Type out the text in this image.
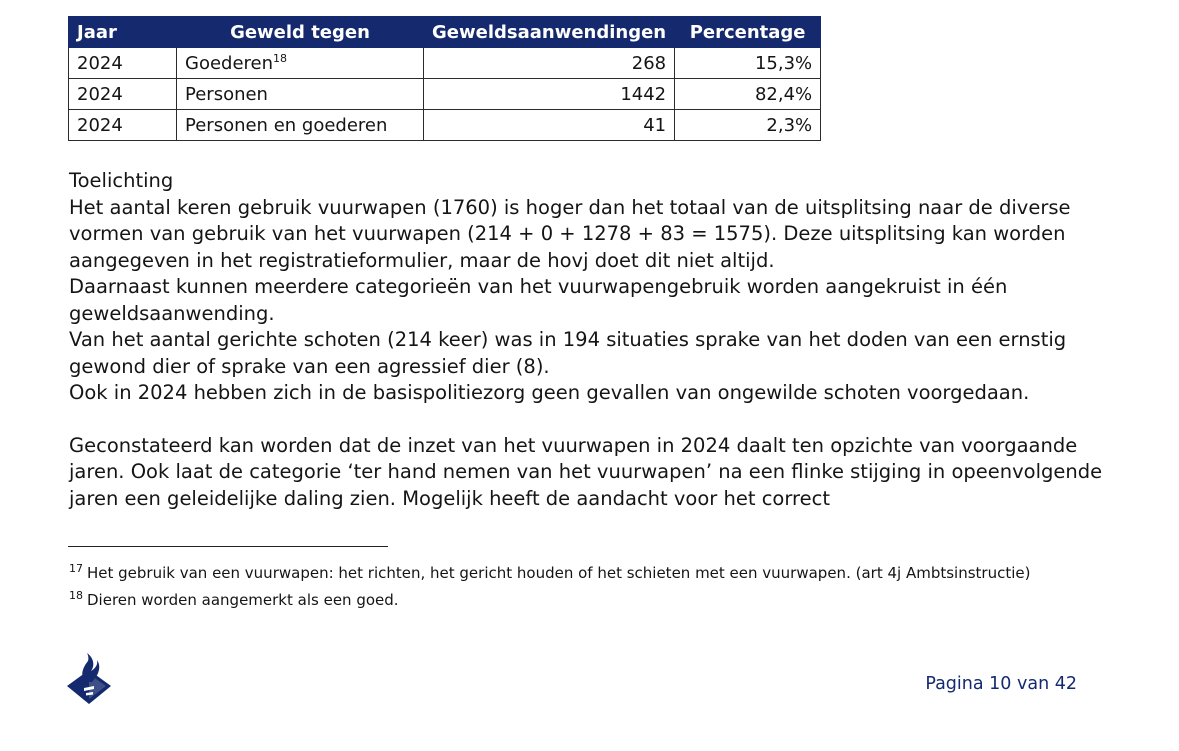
Jaar	Geweld tegen	Geweldsaanwendingen	Percentage
2024	Goederen$^{18}$	268	15,3%
2024	Personen	1442	82,4%
2024	Personen en goederen	41	2,3%

Toelichting

Het aantal keren gebruik vuurwapen (1760) is hoger dan het totaal van de uitsplitsing naar de diverse vormen van gebruik van het vuurwapen (214 + 0 + 1278 + 83 = 1575). Deze uitsplitsing kan worden aangegeven in het registratieformulier, maar de hovj doet dit niet altijd.

Daarnaast kunnen meerdere categorieën van het vuurwapengebruik worden aangekruist in één geweldsaanwending.

Van het aantal gerichte schoten (214 keer) was in 194 situaties sprake van het doden van een ernstig gewond dier of sprake van een agressief dier (8).

Ook in 2024 hebben zich in de basispolitiezorg geen gevallen van ongewilde schoten voorgedaan.

Geconstateerd kan worden dat de inzet van het vuurwapen in 2024 daalt ten opzichte van voorgaande jaren. Ook laat de categorie ‘ter hand nemen van het vuurwapen’ na een flinke stijging in opeenvolgende jaren een geleidelijke daling zien. Mogelijk heeft de aandacht voor het correct

$^{17}$ Het gebruik van een vuurwapen: het richten, het gericht houden of het schieten met een vuurwapen. (art 4j Ambtsinstructie)
$^{18}$ Dieren worden aangemerkt als een goed.
Pagina 10 van 42
